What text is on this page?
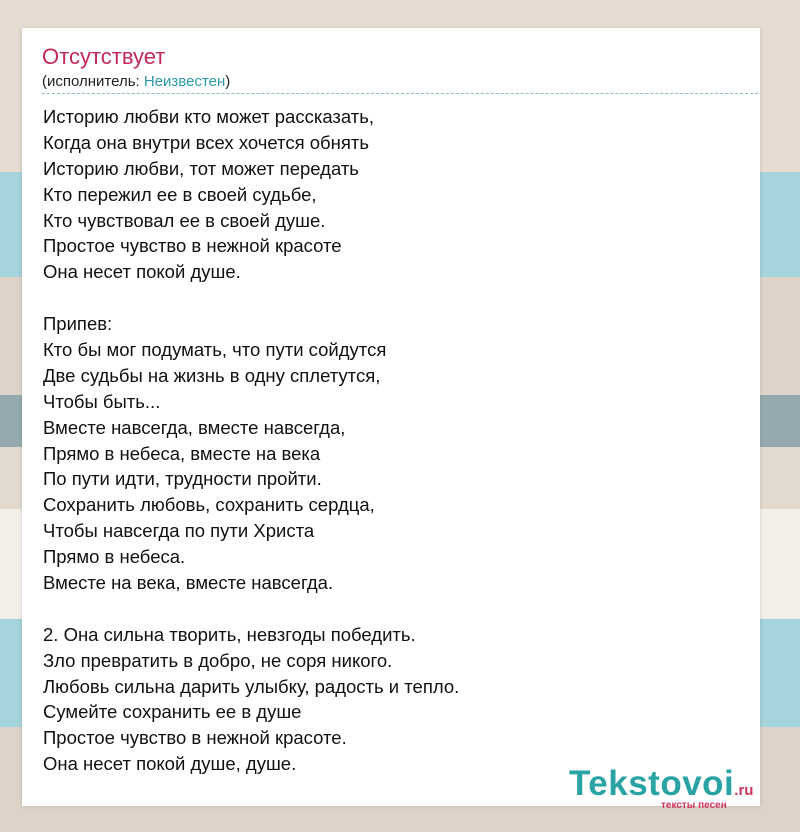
Отсутствует
(исполнитель: Неизвестен)
Историю любви кто может рассказать,
Когда она внутри всех хочется обнять
Историю любви, тот может передать
Кто пережил ее в своей судьбе,
Кто чувствовал ее в своей душе.
Простое чувство в нежной красоте
Она несет покой душе.
Припев:
Кто бы мог подумать, что пути сойдутся
Две судьбы на жизнь в одну сплетутся,
Чтобы быть...
Вместе навсегда, вместе навсегда,
Прямо в небеса, вместе на века
По пути идти, трудности пройти.
Сохранить любовь, сохранить сердца,
Чтобы навсегда по пути Христа
Прямо в небеса.
Вместе на века, вместе навсегда.
2. Она сильна творить, невзгоды победить.
Зло превратить в добро, не соря никого.
Любовь сильна дарить улыбку, радость и тепло.
Сумейте сохранить ее в душе
Простое чувство в нежной красоте.
Она несет покой душе, душе.
Tekstovoi.ru
тексты песен
